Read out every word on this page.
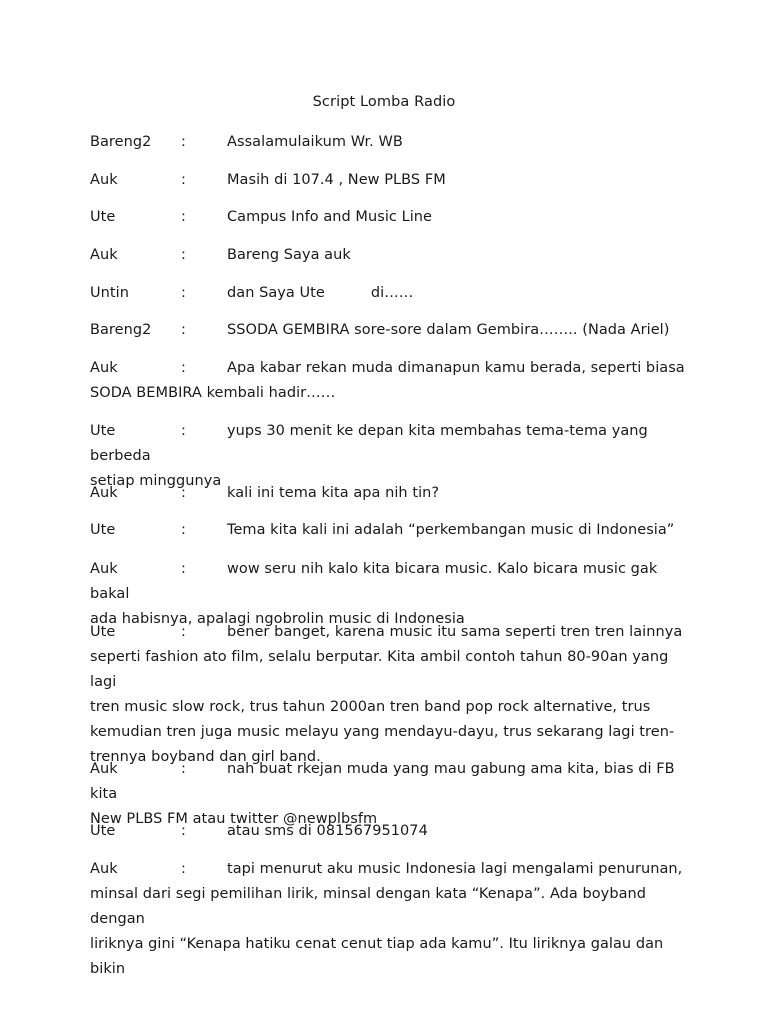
Script Lomba Radio
Bareng2 :	Assalamulaikum Wr. WB
Auk	:	Masih di 107.4 , New PLBS FM
Ute	:	Campus Info and Music Line
Auk	:	Bareng Saya auk
Untin	:	dan Saya Ute	di……
Bareng2 :	SSODA GEMBIRA sore-sore dalam Gembira…….. (Nada Ariel)
Auk	:	Apa kabar rekan muda dimanapun kamu berada, seperti biasa
SODA BEMBIRA kembali hadir……
Ute	:	yups 30 menit ke depan kita membahas tema-tema yang berbeda
setiap minggunya
Auk	:	kali ini tema kita apa nih tin?
Ute	:	Tema kita kali ini adalah “perkembangan music di Indonesia”
Auk	:	wow seru nih kalo kita bicara music. Kalo bicara music gak bakal
ada habisnya, apalagi ngobrolin music di Indonesia
Ute	:	bener banget, karena music itu sama seperti tren tren lainnya
seperti fashion ato film, selalu berputar. Kita ambil contoh tahun 80-90an yang lagi
tren music slow rock, trus tahun 2000an tren band pop rock alternative, trus
kemudian tren juga music melayu yang mendayu-dayu, trus sekarang lagi tren-
trennya boyband dan girl band.
Auk	:	nah buat rkejan muda yang mau gabung ama kita, bias di FB kita
New PLBS FM atau twitter @newplbsfm
Ute	:	atau sms di 081567951074
Auk	:	tapi menurut aku music Indonesia lagi mengalami penurunan,
minsal dari segi pemilihan lirik, minsal dengan kata “Kenapa”. Ada boyband dengan
liriknya gini “Kenapa hatiku cenat cenut tiap ada kamu”. Itu liriknya galau dan bikin
